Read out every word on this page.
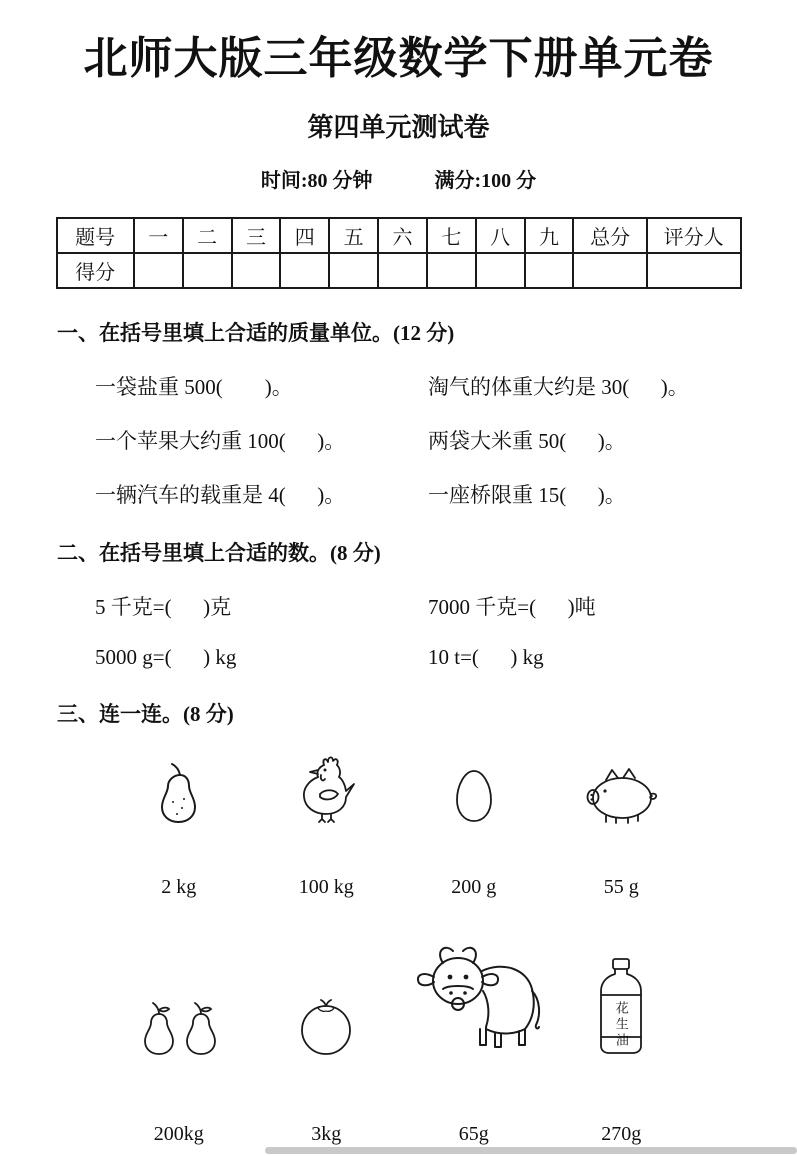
北师大版三年级数学下册单元卷
第四单元测试卷
时间:80 分钟	满分:100 分
题号	一	二	三	四	五	六	七	八	九	总分	评分人
得分											
一、在括号里填上合适的质量单位。(12 分)
一袋盐重 500(        )。	淘气的体重大约是 30(      )。
一个苹果大约重 100(      )。	两袋大米重 50(      )。
一辆汽车的载重是 4(      )。	一座桥限重 15(      )。
二、在括号里填上合适的数。(8 分)
5 千克=(      )克	7000 千克=(      )吨
5000 g=(      ) kg	10 t=(      ) kg
三、连一连。(8 分)
2 kg	100 kg	200 g	55 g
花生油
200kg	3kg	65g	270g
